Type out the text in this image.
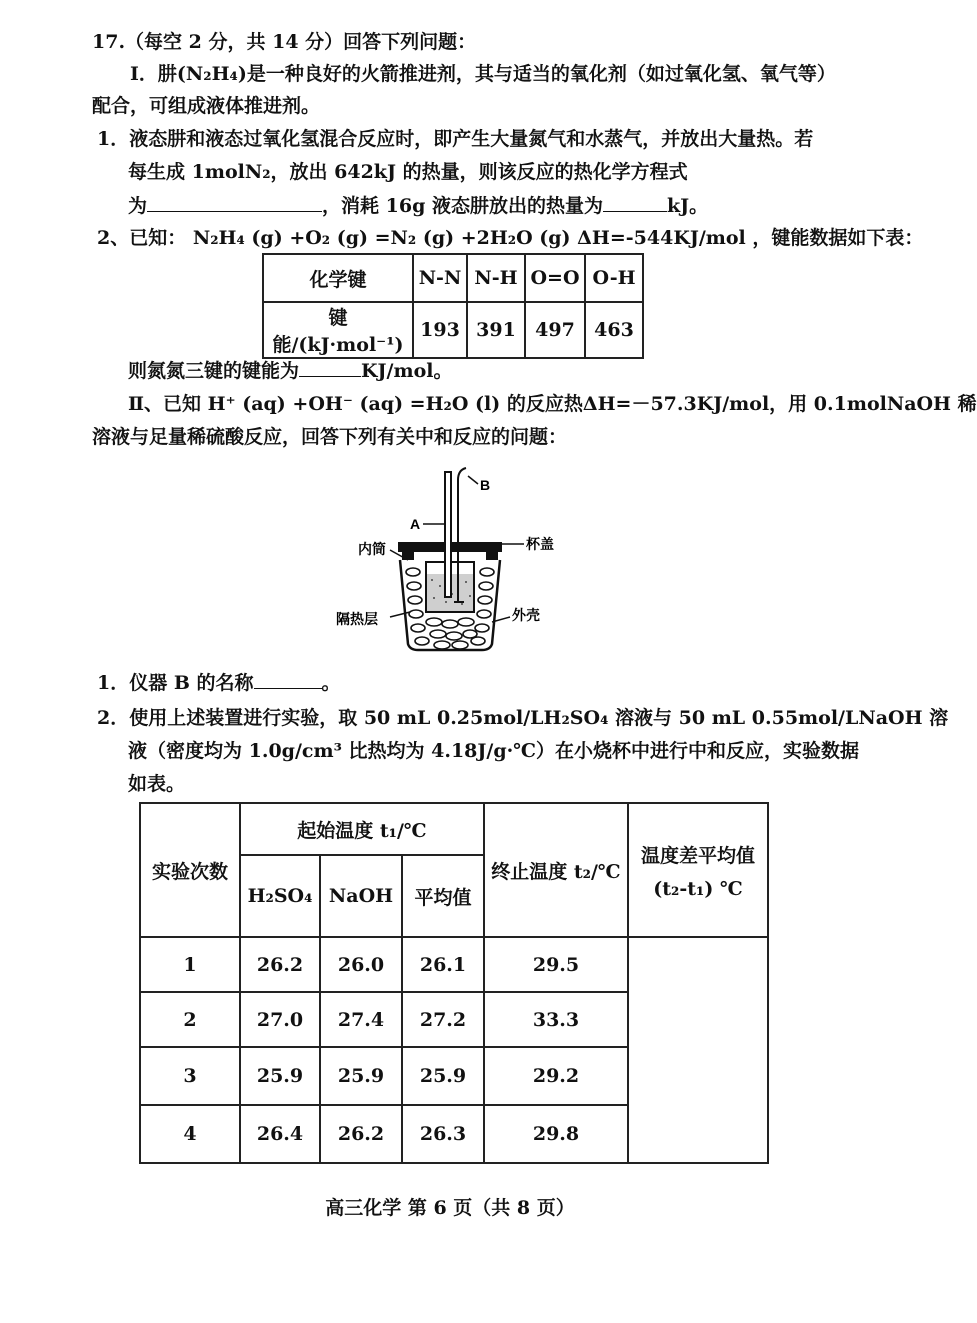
17.（每空 2 分，共 14 分）回答下列问题：
Ⅰ．肼(N₂H₄)是一种良好的火箭推进剂，其与适当的氧化剂（如过氧化氢、氧气等）
配合，可组成液体推进剂。
1．液态肼和液态过氧化氢混合反应时，即产生大量氮气和水蒸气，并放出大量热。若
每生成 1molN₂，放出 642kJ 的热量，则该反应的热化学方程式
为	，消耗 16g 液态肼放出的热量为	kJ。
2、已知： N₂H₄ (g) +O₂ (g) =N₂ (g) +2H₂O (g) ΔH=-544KJ/mol ，键能数据如下表：
化学键	N-N	N-H	O=O	O-H
键能/(kJ·mol⁻¹)	193	391	497	463
则氮氮三键的键能为	KJ/mol。
Ⅱ、已知 H⁺ (aq) +OH⁻ (aq) =H₂O (l) 的反应热ΔH=－57.3KJ/mol，用 0.1molNaOH 稀
溶液与足量稀硫酸反应，回答下列有关中和反应的问题：
B
A
内筒	杯盖
隔热层	外壳
1．仪器 B 的名称	。
2．使用上述装置进行实验，取 50 mL 0.25mol/LH₂SO₄ 溶液与 50 mL 0.55mol/LNaOH 溶
液（密度均为 1.0g/cm³ 比热均为 4.18J/g·℃）在小烧杯中进行中和反应，实验数据
如表。
实验次数	起始温度 t₁/℃			终止温度 t₂/℃	温度差平均值
(t₂-t₁) ℃

	H₂SO₄	NaOH	平均值		
1	26.2	26.0	26.1	29.5	
2	27.0	27.4	27.2	33.3	
3	25.9	25.9	25.9	29.2	
4	26.4	26.2	26.3	29.8	
高三化学 第 6 页（共 8 页）
